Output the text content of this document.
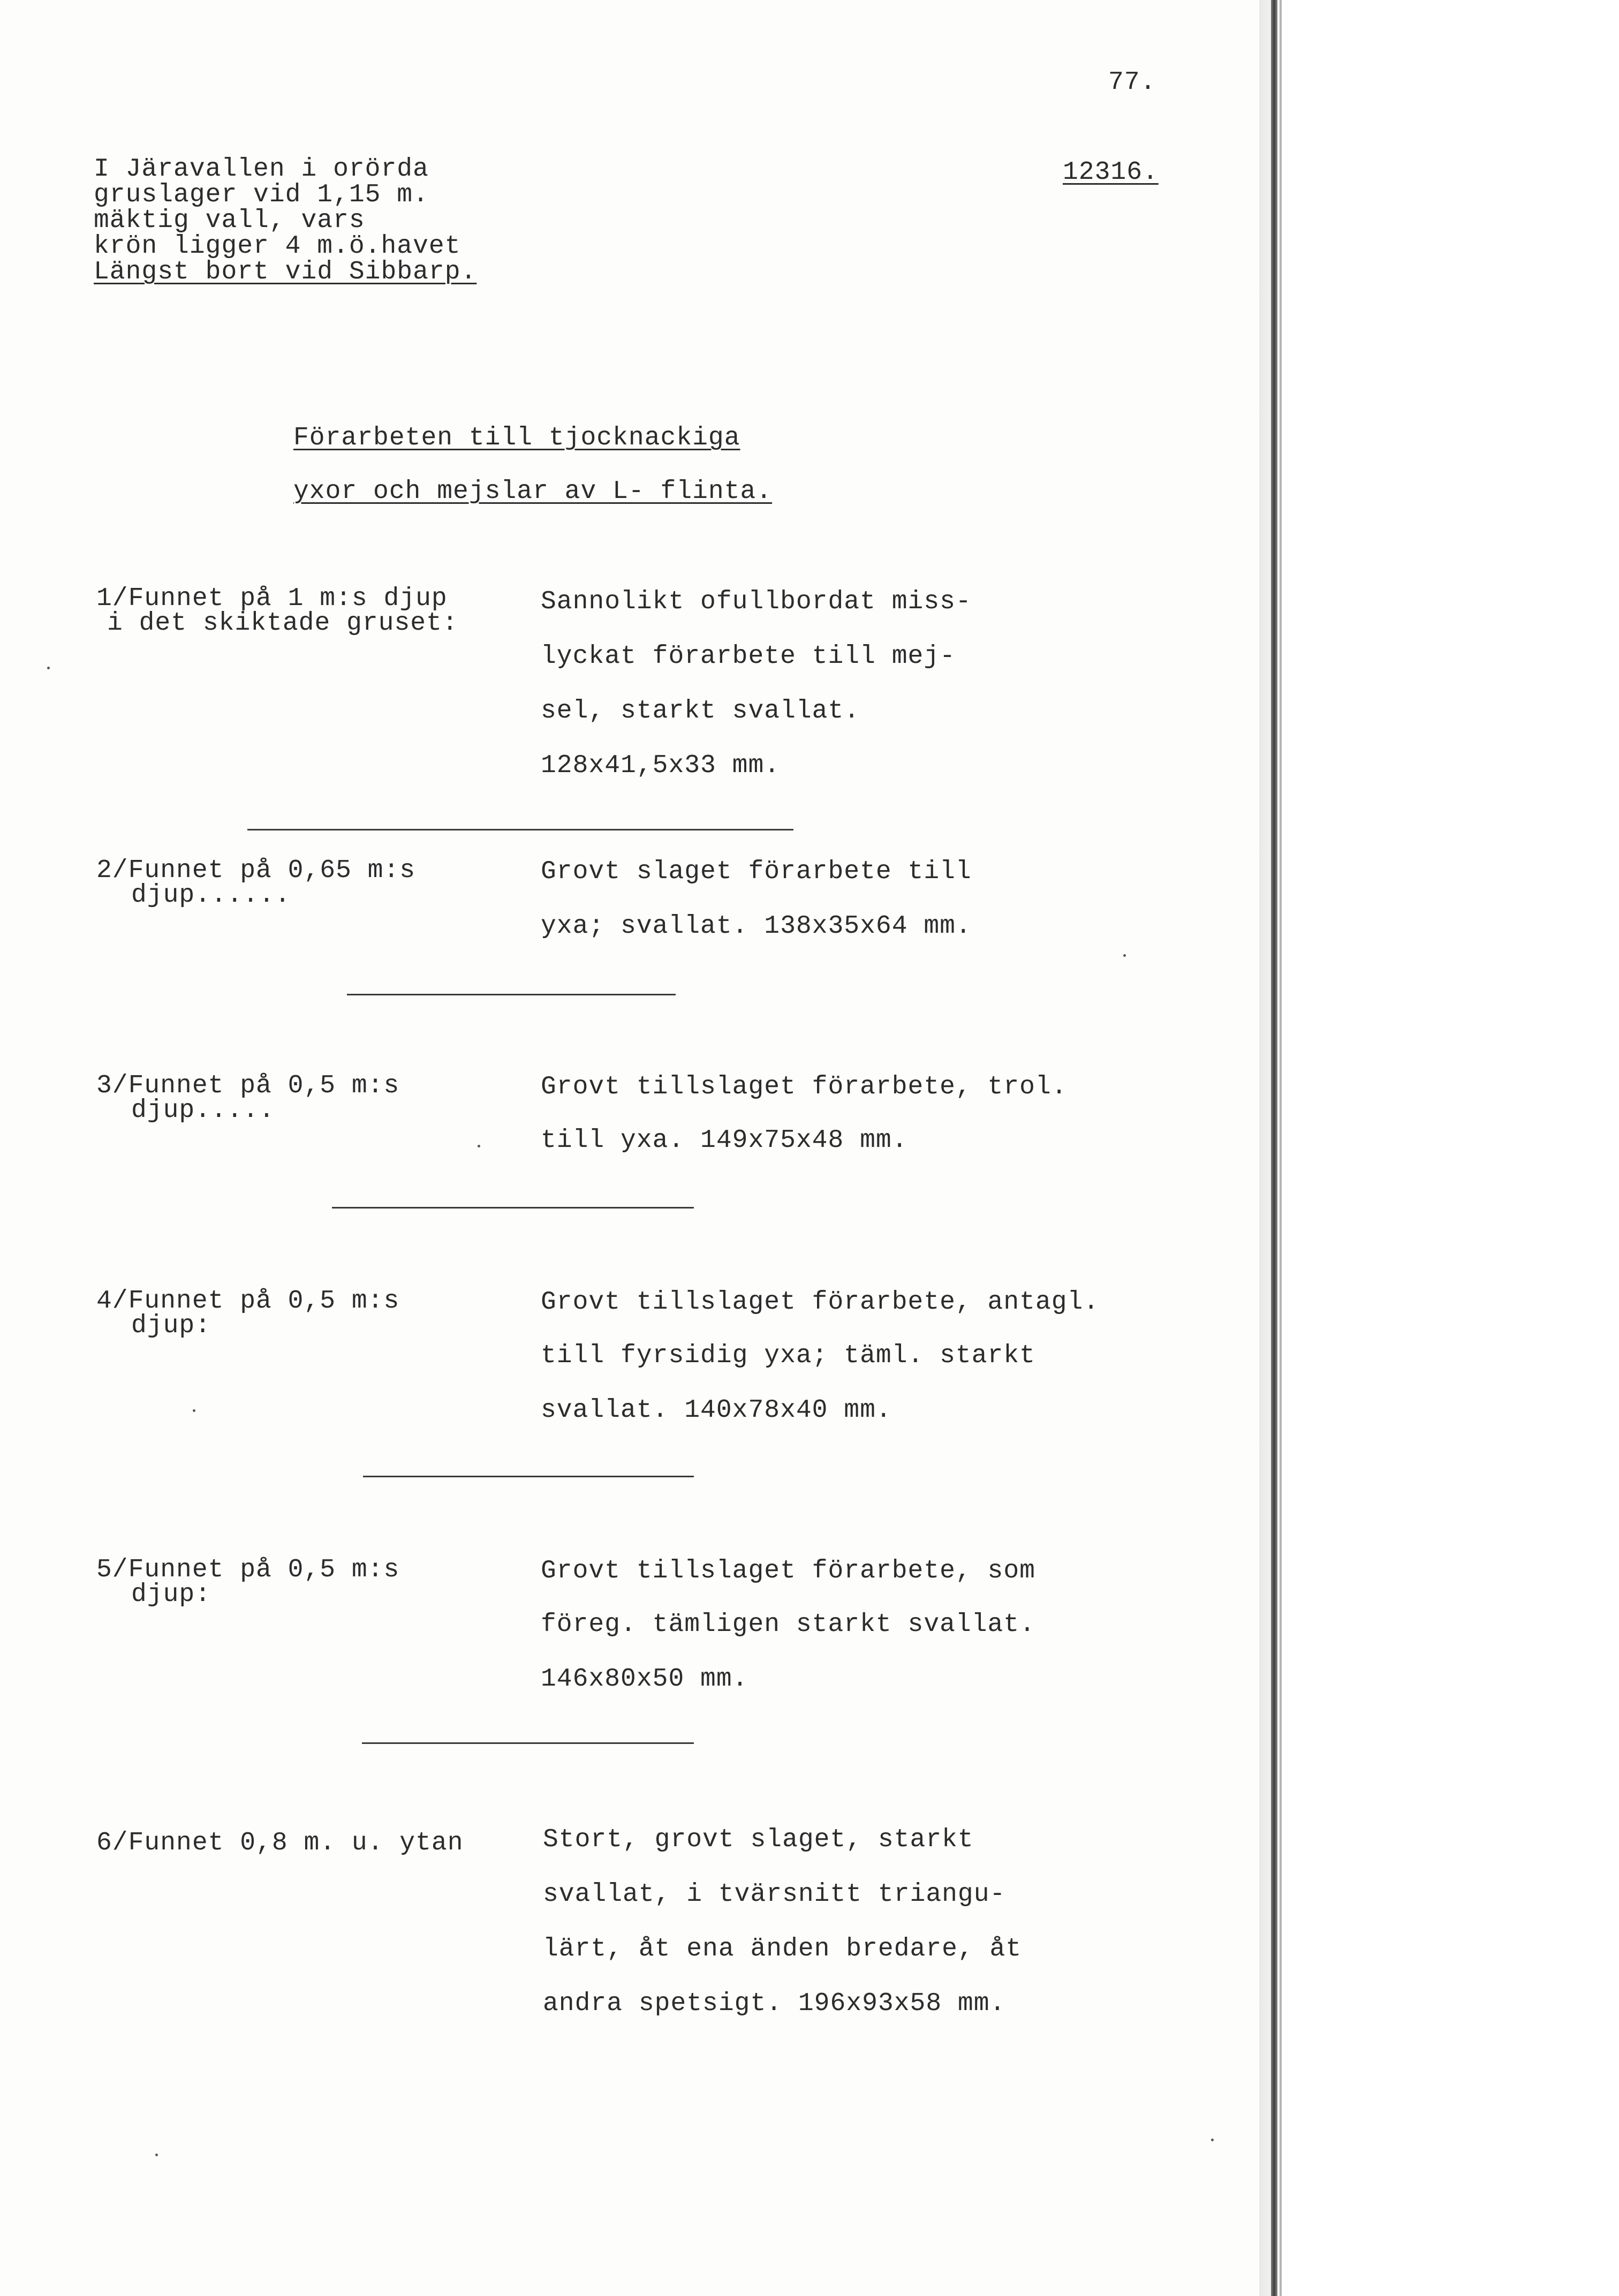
77.
12316.
I Järavallen i orörda
gruslager vid 1,15 m.
mäktig vall, vars
krön ligger 4 m.ö.havet
Längst bort vid Sibbarp.
Förarbeten till tjocknackiga
yxor och mejslar av L- flinta.
1/Funnet på 1 m:s djup
i det skiktade gruset:
Sannolikt ofullbordat miss-
lyckat förarbete till mej-
sel, starkt svallat.
128x41,5x33 mm.
2/Funnet på 0,65 m:s
djup......
Grovt slaget förarbete till
yxa; svallat. 138x35x64 mm.
3/Funnet på 0,5 m:s
djup.....
Grovt tillslaget förarbete, trol.
till yxa. 149x75x48 mm.
4/Funnet på 0,5 m:s
djup:
Grovt tillslaget förarbete, antagl.
till fyrsidig yxa; täml. starkt
svallat. 140x78x40 mm.
5/Funnet på 0,5 m:s
djup:
Grovt tillslaget förarbete, som
föreg. tämligen starkt svallat.
146x80x50 mm.
6/Funnet 0,8 m. u. ytan	Stort, grovt slaget, starkt
svallat, i tvärsnitt triangu-
lärt, åt ena änden bredare, åt
andra spetsigt. 196x93x58 mm.
